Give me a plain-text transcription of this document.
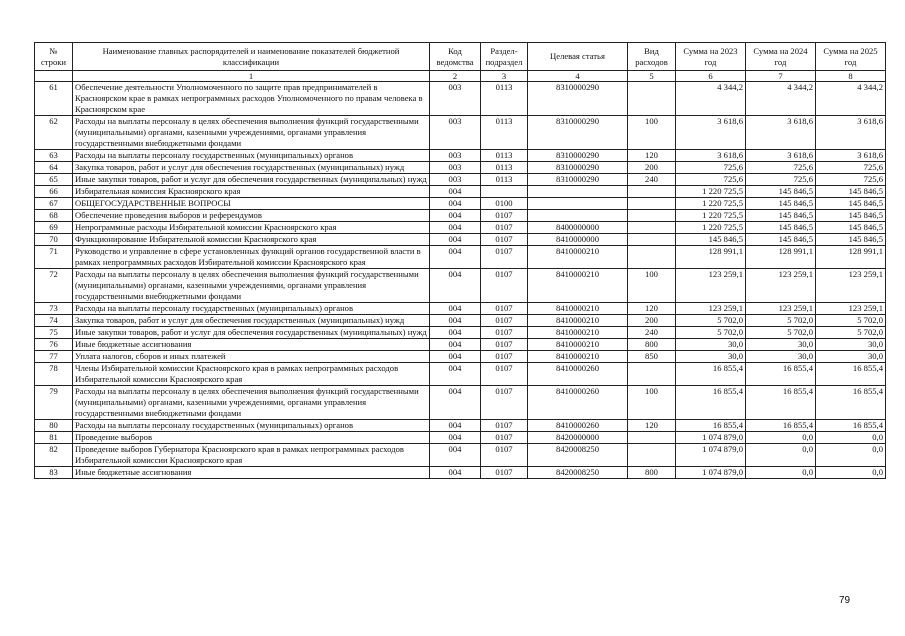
№ строки	Наименование главных распорядителей и наименование показателей бюджетной классификации	Код ведомства	Раздел-подраздел	Целевая статья	Вид расходов	Сумма на 2023 год	Сумма на 2024 год	Сумма на 2025 год
	1	2	3	4	5	6	7	8
61	Обеспечение деятельности Уполномоченного по защите прав предпринимателей в Красноярском крае в рамках непрограммных расходов Уполномоченного по правам человека в Красноярском крае	003	0113	8310000290		4 344,2	4 344,2	4 344,2
62	Расходы на выплаты персоналу в целях обеспечения выполнения функций государственными (муниципальными) органами, казенными учреждениями, органами управления государственными внебюджетными фондами	003	0113	8310000290	100	3 618,6	3 618,6	3 618,6
63	Расходы на выплаты персоналу государственных (муниципальных) органов	003	0113	8310000290	120	3 618,6	3 618,6	3 618,6
64	Закупка товаров, работ и услуг для обеспечения государственных (муниципальных) нужд	003	0113	8310000290	200	725,6	725,6	725,6
65	Иные закупки товаров, работ и услуг для обеспечения государственных (муниципальных) нужд	003	0113	8310000290	240	725,6	725,6	725,6
66	Избирательная комиссия Красноярского края	004				1 220 725,5	145 846,5	145 846,5
67	ОБЩЕГОСУДАРСТВЕННЫЕ ВОПРОСЫ	004	0100			1 220 725,5	145 846,5	145 846,5
68	Обеспечение проведения выборов и референдумов	004	0107			1 220 725,5	145 846,5	145 846,5
69	Непрограммные расходы Избирательной комиссии Красноярского края	004	0107	8400000000		1 220 725,5	145 846,5	145 846,5
70	Функционирование Избирательной комиссии Красноярского края	004	0107	8410000000		145 846,5	145 846,5	145 846,5
71	Руководство и управление в сфере установленных функций органов государственной власти в рамках непрограммных расходов Избирательной комиссии Красноярского края	004	0107	8410000210		128 991,1	128 991,1	128 991,1
72	Расходы на выплаты персоналу в целях обеспечения выполнения функций государственными (муниципальными) органами, казенными учреждениями, органами управления государственными внебюджетными фондами	004	0107	8410000210	100	123 259,1	123 259,1	123 259,1
73	Расходы на выплаты персоналу государственных (муниципальных) органов	004	0107	8410000210	120	123 259,1	123 259,1	123 259,1
74	Закупка товаров, работ и услуг для обеспечения государственных (муниципальных) нужд	004	0107	8410000210	200	5 702,0	5 702,0	5 702,0
75	Иные закупки товаров, работ и услуг для обеспечения государственных (муниципальных) нужд	004	0107	8410000210	240	5 702,0	5 702,0	5 702,0
76	Иные бюджетные ассигнования	004	0107	8410000210	800	30,0	30,0	30,0
77	Уплата налогов, сборов и иных платежей	004	0107	8410000210	850	30,0	30,0	30,0
78	Члены Избирательной комиссии Красноярского края в рамках непрограммных расходов Избирательной комиссии Красноярского края	004	0107	8410000260		16 855,4	16 855,4	16 855,4
79	Расходы на выплаты персоналу в целях обеспечения выполнения функций государственными (муниципальными) органами, казенными учреждениями, органами управления государственными внебюджетными фондами	004	0107	8410000260	100	16 855,4	16 855,4	16 855,4
80	Расходы на выплаты персоналу государственных (муниципальных) органов	004	0107	8410000260	120	16 855,4	16 855,4	16 855,4
81	Проведение выборов	004	0107	8420000000		1 074 879,0	0,0	0,0
82	Проведение выборов Губернатора Красноярского края в рамках непрограммных расходов Избирательной комиссии Красноярского края	004	0107	8420008250		1 074 879,0	0,0	0,0
83	Иные бюджетные ассигнования	004	0107	8420008250	800	1 074 879,0	0,0	0,0
79
